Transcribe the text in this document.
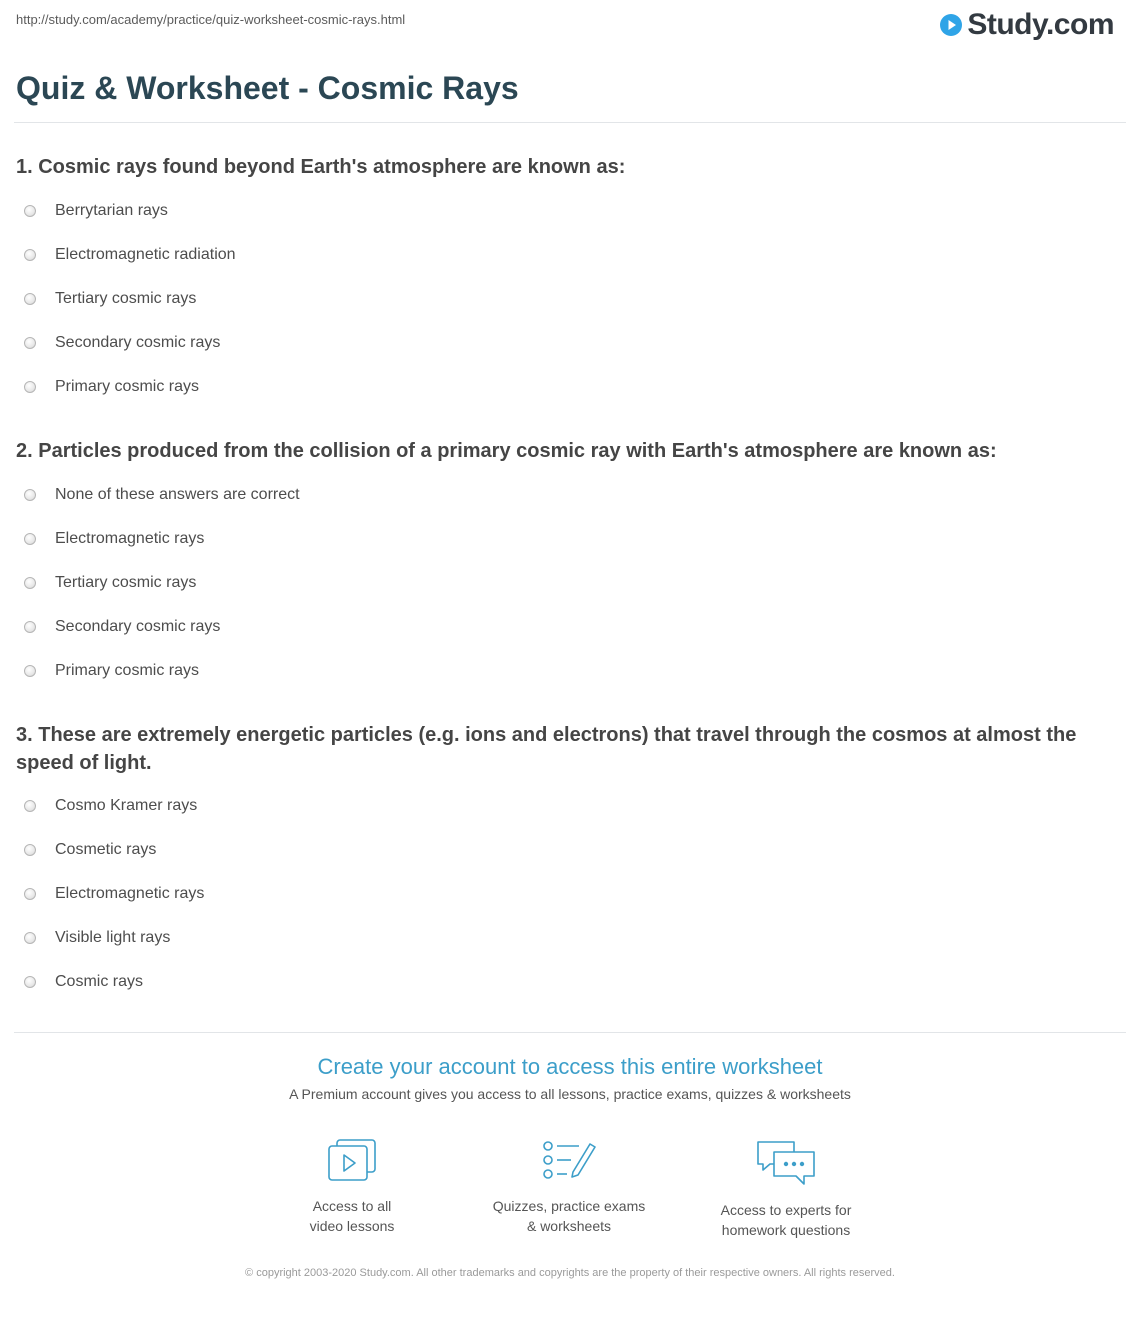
http://study.com/academy/practice/quiz-worksheet-cosmic-rays.html	Study.com
Quiz & Worksheet - Cosmic Rays

1. Cosmic rays found beyond Earth's atmosphere are known as:

Berrytarian rays
Electromagnetic radiation
Tertiary cosmic rays
Secondary cosmic rays
Primary cosmic rays

2. Particles produced from the collision of a primary cosmic ray with Earth's atmosphere are known as:

None of these answers are correct
Electromagnetic rays
Tertiary cosmic rays
Secondary cosmic rays
Primary cosmic rays

3. These are extremely energetic particles (e.g. ions and electrons) that travel through the cosmos at almost the speed of light.

Cosmo Kramer rays
Cosmetic rays
Electromagnetic rays
Visible light rays
Cosmic rays
Create your account to access this entire worksheet
A Premium account gives you access to all lessons, practice exams, quizzes & worksheets
Access to all
video lessons
Quizzes, practice exams
& worksheets
Access to experts for
homework questions
© copyright 2003-2020 Study.com. All other trademarks and copyrights are the property of their respective owners. All rights reserved.
